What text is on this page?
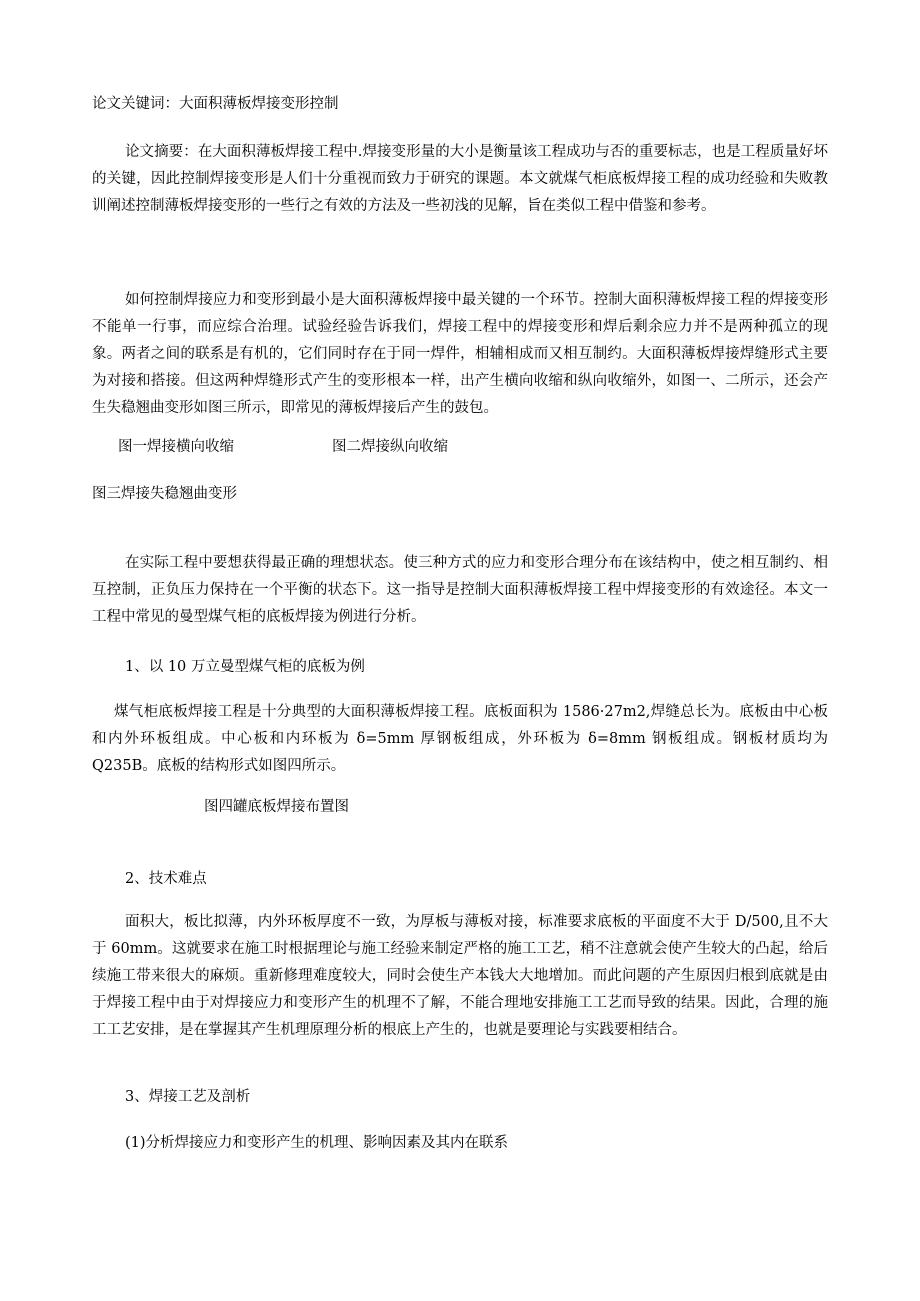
论文关键词：大面积薄板焊接变形控制

论文摘要：在大面积薄板焊接工程中.焊接变形量的大小是衡量该工程成功与否的重要标志，也是工程质量好坏的关键，因此控制焊接变形是人们十分重视而致力于研究的课题。本文就煤气柜底板焊接工程的成功经验和失败教训阐述控制薄板焊接变形的一些行之有效的方法及一些初浅的见解，旨在类似工程中借鉴和参考。

如何控制焊接应力和变形到最小是大面积薄板焊接中最关键的一个环节。控制大面积薄板焊接工程的焊接变形不能单一行事，而应综合治理。试验经验告诉我们，焊接工程中的焊接变形和焊后剩余应力并不是两种孤立的现象。两者之间的联系是有机的，它们同时存在于同一焊件，相辅相成而又相互制约。大面积薄板焊接焊缝形式主要为对接和搭接。但这两种焊缝形式产生的变形根本一样，出产生横向收缩和纵向收缩外，如图一、二所示，还会产生失稳翘曲变形如图三所示，即常见的薄板焊接后产生的鼓包。

图一焊接横向收缩	图二焊接纵向收缩

图三焊接失稳翘曲变形

在实际工程中要想获得最正确的理想状态。使三种方式的应力和变形合理分布在该结构中，使之相互制约、相互控制，正负压力保持在一个平衡的状态下。这一指导是控制大面积薄板焊接工程中焊接变形的有效途径。本文一工程中常见的曼型煤气柜的底板焊接为例进行分析。

1、以 10 万立曼型煤气柜的底板为例

煤气柜底板焊接工程是十分典型的大面积薄板焊接工程。底板面积为 1586·27m2,焊缝总长为。底板由中心板和内外环板组成。中心板和内环板为 δ=5mm 厚钢板组成，外环板为 δ=8mm 钢板组成。钢板材质均为 Q235B。底板的结构形式如图四所示。

图四罐底板焊接布置图

2、技术难点

面积大，板比拟薄，内外环板厚度不一致，为厚板与薄板对接，标准要求底板的平面度不大于 D/500,且不大于 60mm。这就要求在施工时根据理论与施工经验来制定严格的施工工艺，稍不注意就会使产生较大的凸起，给后续施工带来很大的麻烦。重新修理难度较大，同时会使生产本钱大大地增加。而此问题的产生原因归根到底就是由于焊接工程中由于对焊接应力和变形产生的机理不了解，不能合理地安排施工工艺而导致的结果。因此，合理的施工工艺安排，是在掌握其产生机理原理分析的根底上产生的，也就是要理论与实践要相结合。

3、焊接工艺及剖析

(1)分析焊接应力和变形产生的机理、影响因素及其内在联系
